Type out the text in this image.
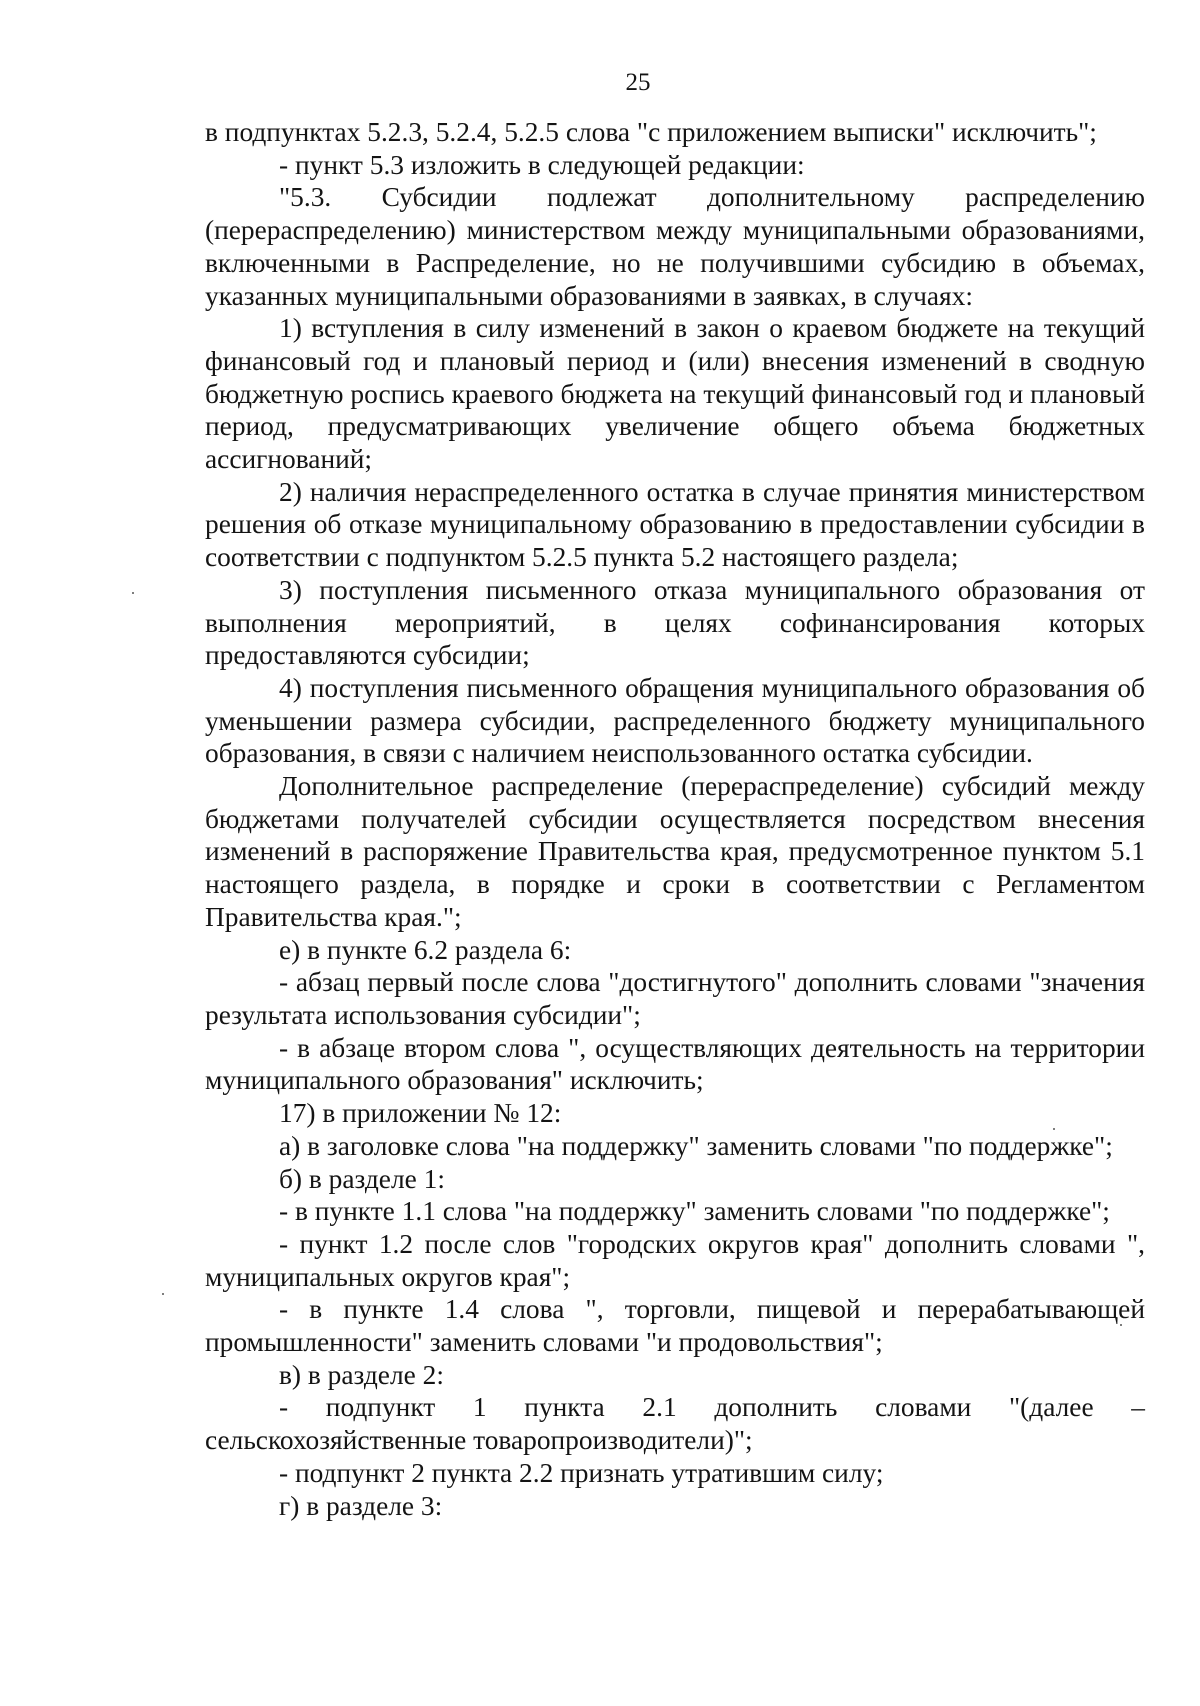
25

в подпунктах 5.2.3, 5.2.4, 5.2.5 слова "с приложением выписки" исключить";

- пункт 5.3 изложить в следующей редакции:

"5.3. Субсидии подлежат дополнительному распределению (перераспределению) министерством между муниципальными образованиями, включенными в Распределение, но не получившими субсидию в объемах, указанных муниципальными образованиями в заявках, в случаях:

1) вступления в силу изменений в закон о краевом бюджете на текущий финансовый год и плановый период и (или) внесения изменений в сводную бюджетную роспись краевого бюджета на текущий финансовый год и плановый период, предусматривающих увеличение общего объема бюджетных ассигнований;

2) наличия нераспределенного остатка в случае принятия министерством решения об отказе муниципальному образованию в предоставлении субсидии в соответствии с подпунктом 5.2.5 пункта 5.2 настоящего раздела;

3) поступления письменного отказа муниципального образования от выполнения мероприятий, в целях софинансирования которых предоставляются субсидии;

4) поступления письменного обращения муниципального образования об уменьшении размера субсидии, распределенного бюджету муниципального образования, в связи с наличием неиспользованного остатка субсидии.

Дополнительное распределение (перераспределение) субсидий между бюджетами получателей субсидии осуществляется посредством внесения изменений в распоряжение Правительства края, предусмотренное пунктом 5.1 настоящего раздела, в порядке и сроки в соответствии с Регламентом Правительства края.";

е) в пункте 6.2 раздела 6:

- абзац первый после слова "достигнутого" дополнить словами "значения результата использования субсидии";

- в абзаце втором слова ", осуществляющих деятельность на территории муниципального образования" исключить;

17) в приложении № 12:

а) в заголовке слова "на поддержку" заменить словами "по поддержке";

б) в разделе 1:

- в пункте 1.1 слова "на поддержку" заменить словами "по поддержке";

- пункт 1.2 после слов "городских округов края" дополнить словами ", муниципальных округов края";

- в пункте 1.4 слова ", торговли, пищевой и перерабатывающей промышленности" заменить словами "и продовольствия";

в) в разделе 2:

- подпункт 1 пункта 2.1 дополнить словами "(далее – сельскохозяйственные товаропроизводители)";

- подпункт 2 пункта 2.2 признать утратившим силу;

г) в разделе 3:
